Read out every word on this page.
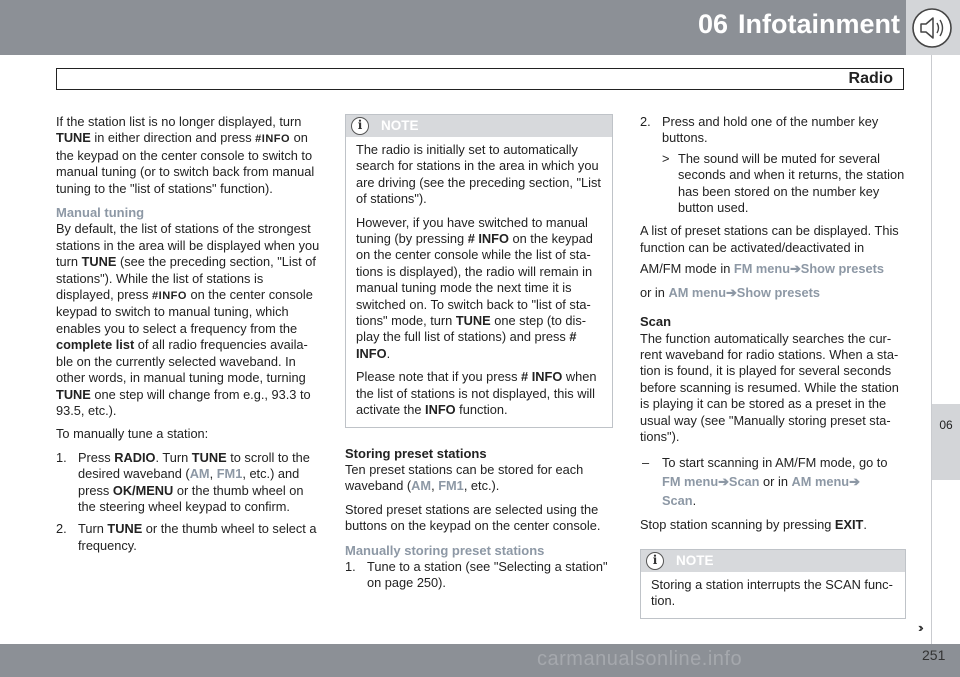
06 Infotainment
Radio
06

If the station list is no longer displayed, turn
TUNE in either direction and press #INFO on the keypad on the center console to switch to manual tuning (or to switch back from manual tuning to the "list of stations" function).

Manual tuning

By default, the list of stations of the strongest stations in the area will be displayed when you turn TUNE (see the preceding section, "List of stations"). While the list of stations is displayed, press #INFO on the center console keypad to switch to manual tuning, which enables you to select a frequency from the complete list of all radio frequencies available on the currently selected waveband. In other words, in manual tuning mode, turning TUNE one step will change from e.g., 93.3 to 93.5, etc.).

To manually tune a station:

1. Press RADIO. Turn TUNE to scroll to the desired waveband (AM, FM1, etc.) and press OK/MENU or the thumb wheel on the steering wheel keypad to confirm.
2. Turn TUNE or the thumb wheel to select a frequency.
i	NOTE

The radio is initially set to automatically search for stations in the area in which you are driving (see the preceding section, "List of stations").

However, if you have switched to manual tuning (by pressing # INFO on the keypad on the center console while the list of stations is displayed), the radio will remain in manual tuning mode the next time it is switched on. To switch back to "list of stations" mode, turn TUNE one step (to display the full list of stations) and press # INFO.

Please note that if you press # INFO when the list of stations is not displayed, this will activate the INFO function.

Storing preset stations

Ten preset stations can be stored for each waveband (AM, FM1, etc.).

Stored preset stations are selected using the buttons on the keypad on the center console.

Manually storing preset stations
1. Tune to a station (see "Selecting a station" on page 250).
2. Press and hold one of the number key buttons.
> The sound will be muted for several seconds and when it returns, the station has been stored on the number key button used.

A list of preset stations can be displayed. This function can be activated/deactivated in

AM/FM mode in FM menu➔Show presets

or in AM menu➔Show presets

Scan

The function automatically searches the current waveband for radio stations. When a station is found, it is played for several seconds before scanning is resumed. While the station is playing it can be stored as a preset in the usual way (see "Manually storing preset stations").

– To start scanning in AM/FM mode, go to
FM menu➔Scan or in AM menu➔
Scan.

Stop station scanning by pressing EXIT.

i	NOTE

Storing a station interrupts the SCAN function.

››
carmanualsonline.info	251
